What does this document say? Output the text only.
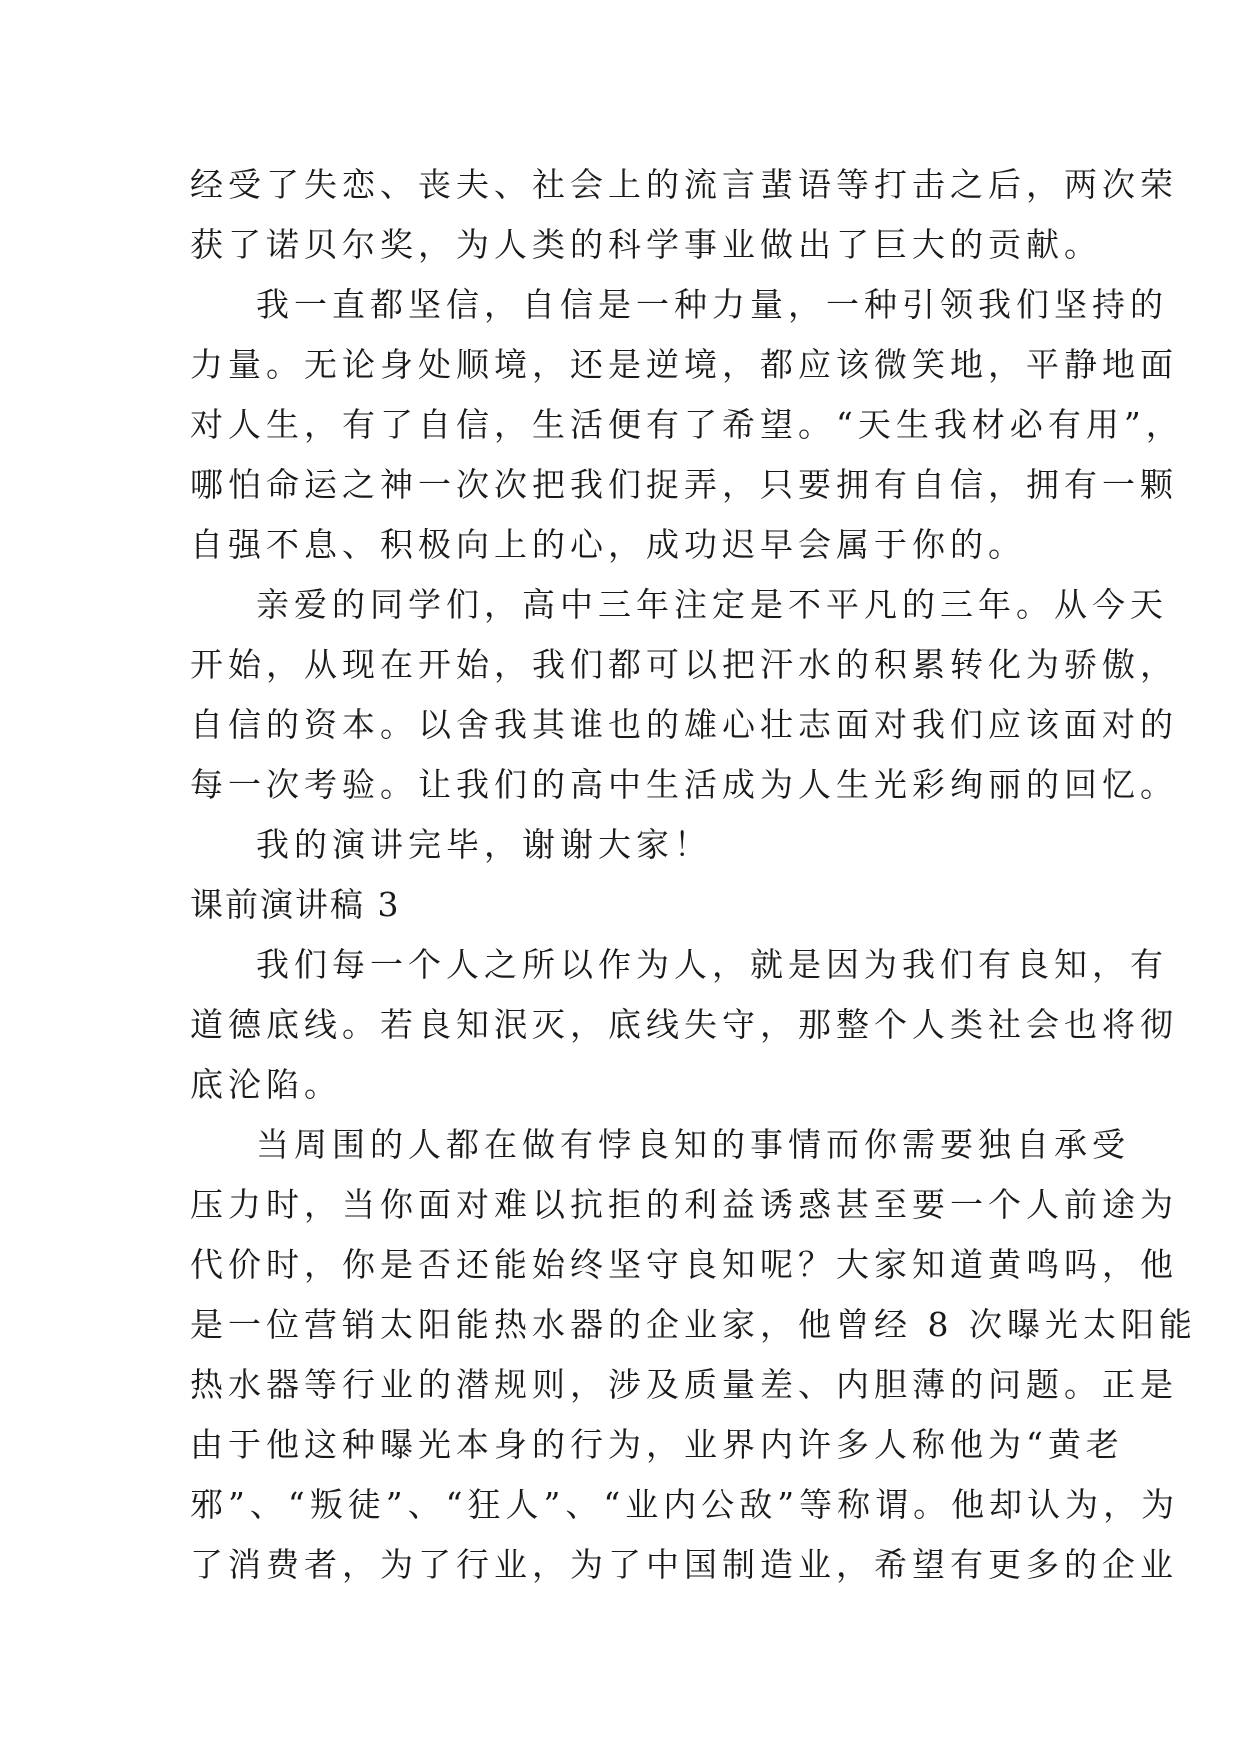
经受了失恋、丧夫、社会上的流言蜚语等打击之后，两次荣
获了诺贝尔奖，为人类的科学事业做出了巨大的贡献。
我一直都坚信，自信是一种力量，一种引领我们坚持的
力量。无论身处顺境，还是逆境，都应该微笑地，平静地面
对人生，有了自信，生活便有了希望。“天生我材必有用”，
哪怕命运之神一次次把我们捉弄，只要拥有自信，拥有一颗
自强不息、积极向上的心，成功迟早会属于你的。
亲爱的同学们，高中三年注定是不平凡的三年。从今天
开始，从现在开始，我们都可以把汗水的积累转化为骄傲，
自信的资本。以舍我其谁也的雄心壮志面对我们应该面对的
每一次考验。让我们的高中生活成为人生光彩绚丽的回忆。
我的演讲完毕，谢谢大家！
课前演讲稿 3
我们每一个人之所以作为人，就是因为我们有良知，有
道德底线。若良知泯灭，底线失守，那整个人类社会也将彻
底沦陷。
当周围的人都在做有悖良知的事情而你需要独自承受
压力时，当你面对难以抗拒的利益诱惑甚至要一个人前途为
代价时，你是否还能始终坚守良知呢？大家知道黄鸣吗，他
是一位营销太阳能热水器的企业家，他曾经 8 次曝光太阳能
热水器等行业的潜规则，涉及质量差、内胆薄的问题。正是
由于他这种曝光本身的行为，业界内许多人称他为“黄老
邪”、“叛徒”、“狂人”、“业内公敌”等称谓。他却认为，为
了消费者，为了行业，为了中国制造业，希望有更多的企业
